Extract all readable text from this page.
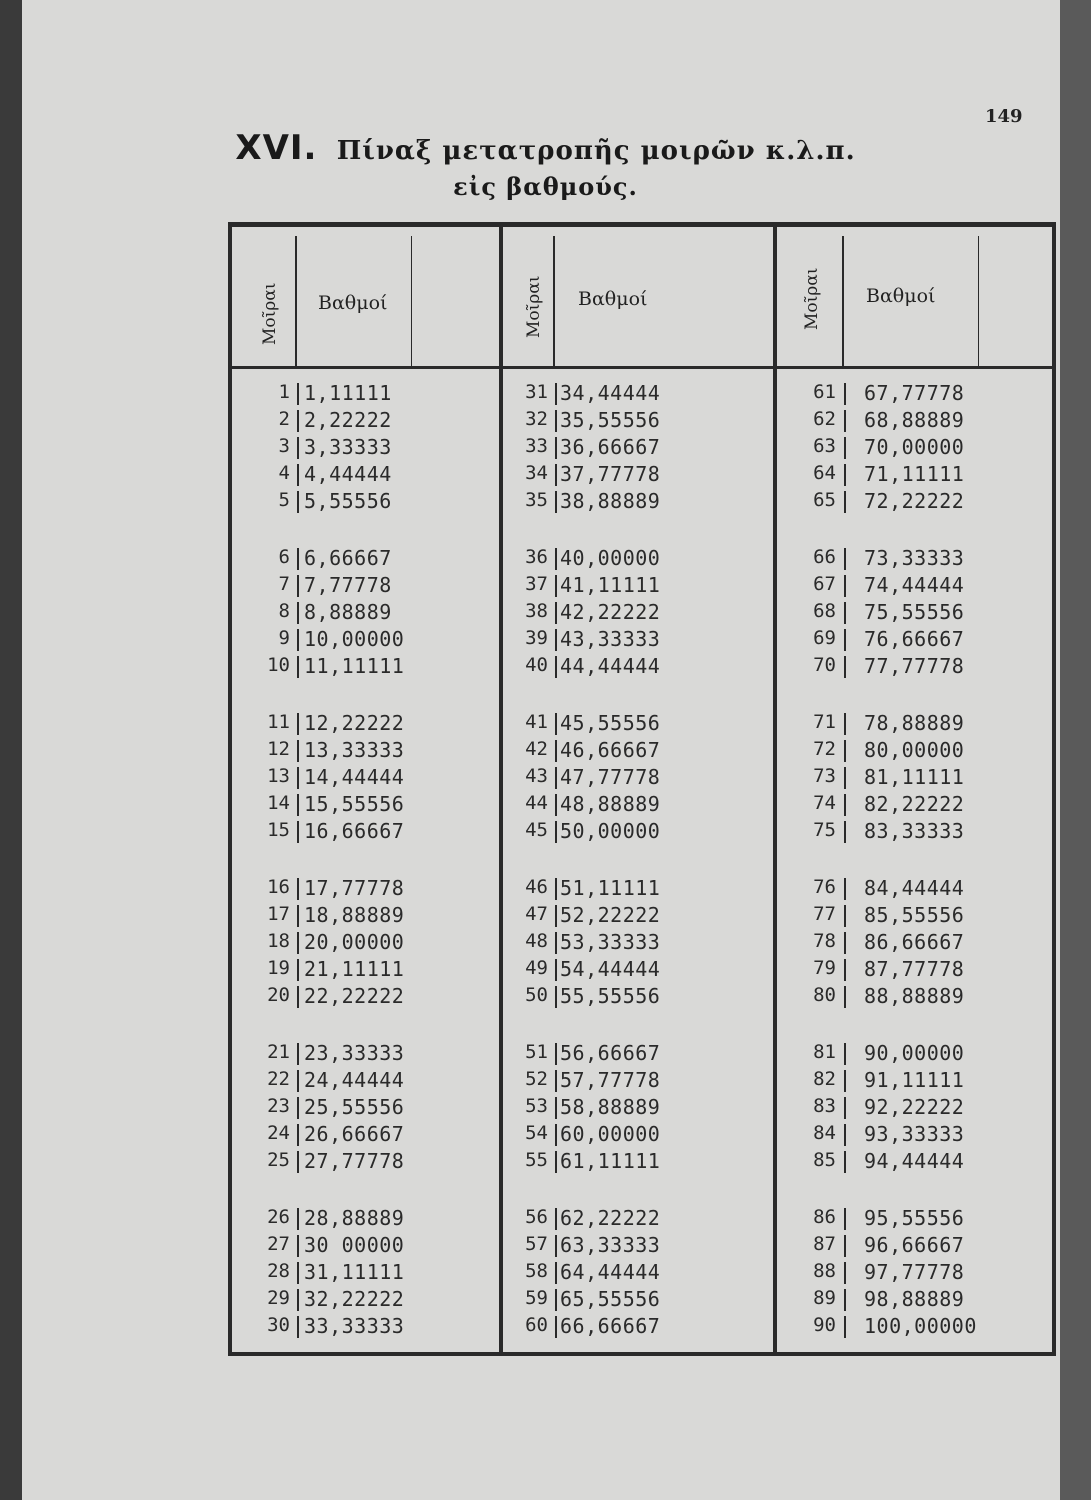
149
XVI. Πίναξ μετατροπῆς μοιρῶν κ.λ.π.
εἰς βαθμούς.
Μοῖραι Βαθμοί	Μοῖραι Βαθμοί	Μοῖραι Βαθμοί
1 1,11111
2 2,22222
3 3,33333
4 4,44444
5 5,55556
6 6,66667
7 7,77778
8 8,88889
9 10,00000
10 11,11111
11 12,22222
12 13,33333
13 14,44444
14 15,55556
15 16,66667
16 17,77778
17 18,88889
18 20,00000
19 21,11111
20 22,22222
21 23,33333
22 24,44444
23 25,55556
24 26,66667
25 27,77778
26 28,88889
27 30 00000
28 31,11111
29 32,22222
30 33,33333
31 34,44444
32 35,55556
33 36,66667
34 37,77778
35 38,88889
36 40,00000
37 41,11111
38 42,22222
39 43,33333
40 44,44444
41 45,55556
42 46,66667
43 47,77778
44 48,88889
45 50,00000
46 51,11111
47 52,22222
48 53,33333
49 54,44444
50 55,55556
51 56,66667
52 57,77778
53 58,88889
54 60,00000
55 61,11111
56 62,22222
57 63,33333
58 64,44444
59 65,55556
60 66,66667
61 67,77778
62 68,88889
63 70,00000
64 71,11111
65 72,22222
66 73,33333
67 74,44444
68 75,55556
69 76,66667
70 77,77778
71 78,88889
72 80,00000
73 81,11111
74 82,22222
75 83,33333
76 84,44444
77 85,55556
78 86,66667
79 87,77778
80 88,88889
81 90,00000
82 91,11111
83 92,22222
84 93,33333
85 94,44444
86 95,55556
87 96,66667
88 97,77778
89 98,88889
90 100,00000
